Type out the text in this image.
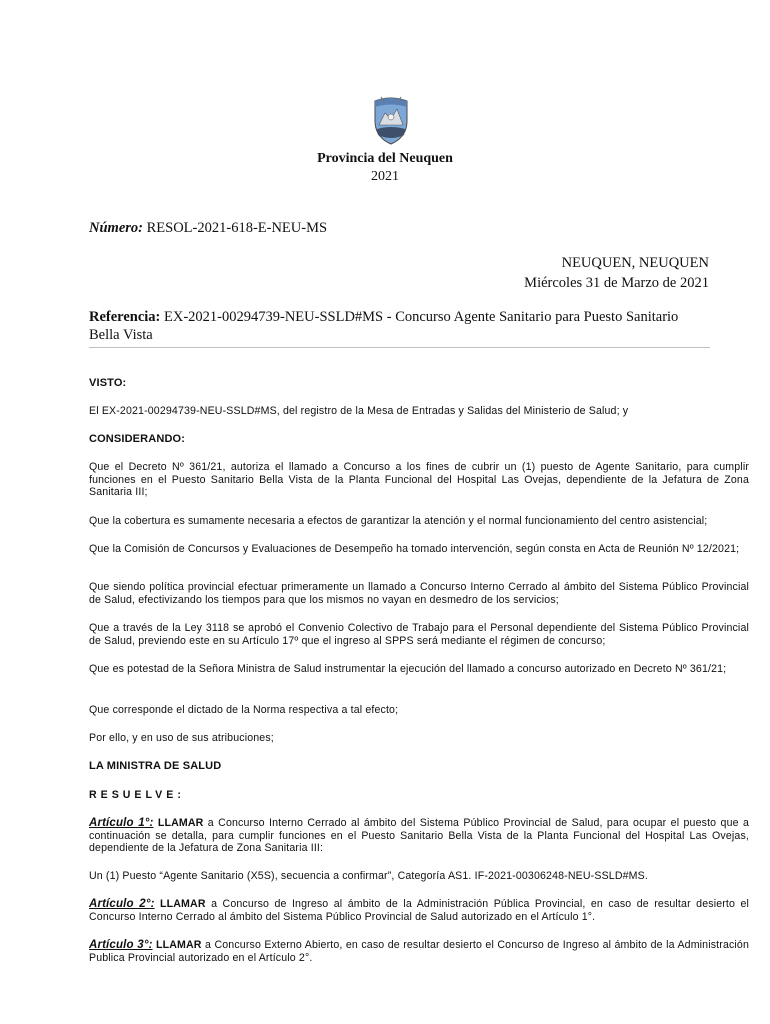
Provincia del Neuquen
2021
Número: RESOL-2021-618-E-NEU-MS
NEUQUEN, NEUQUEN
Miércoles 31 de Marzo de 2021
Referencia: EX-2021-00294739-NEU-SSLD#MS - Concurso Agente Sanitario para Puesto Sanitario Bella Vista
VISTO:
El EX-2021-00294739-NEU-SSLD#MS, del registro de la Mesa de Entradas y Salidas del Ministerio de Salud; y
CONSIDERANDO:
Que el Decreto Nº 361/21, autoriza el llamado a Concurso a los fines de cubrir un (1) puesto de Agente Sanitario, para cumplir funciones en el Puesto Sanitario Bella Vista de la Planta Funcional del Hospital Las Ovejas, dependiente de la Jefatura de Zona Sanitaria III;
Que la cobertura es sumamente necesaria a efectos de garantizar la atención y el normal funcionamiento del centro asistencial;
Que la Comisión de Concursos y Evaluaciones de Desempeño ha tomado intervención, según consta en Acta de Reunión Nº 12/2021;
Que siendo política provincial efectuar primeramente un llamado a Concurso Interno Cerrado al ámbito del Sistema Público Provincial de Salud, efectivizando los tiempos para que los mismos no vayan en desmedro de los servicios;
Que a través de la Ley 3118 se aprobó el Convenio Colectivo de Trabajo para el Personal dependiente del Sistema Público Provincial de Salud, previendo este en su Artículo 17º que el ingreso al SPPS será mediante el régimen de concurso;
Que es potestad de la Señora Ministra de Salud instrumentar la ejecución del llamado a concurso autorizado en Decreto Nº 361/21;
Que corresponde el dictado de la Norma respectiva a tal efecto;
Por ello, y en uso de sus atribuciones;
LA MINISTRA DE SALUD
RESUELVE:
Artículo 1°: LLAMAR a Concurso Interno Cerrado al ámbito del Sistema Público Provincial de Salud, para ocupar el puesto que a continuación se detalla, para cumplir funciones en el Puesto Sanitario Bella Vista de la Planta Funcional del Hospital Las Ovejas, dependiente de la Jefatura de Zona Sanitaria III:
Un (1) Puesto “Agente Sanitario (X5S), secuencia a confirmar”, Categoría AS1. IF-2021-00306248-NEU-SSLD#MS.
Artículo 2°: LLAMAR a Concurso de Ingreso al ámbito de la Administración Pública Provincial, en caso de resultar desierto el Concurso Interno Cerrado al ámbito del Sistema Público Provincial de Salud autorizado en el Artículo 1°.
Artículo 3°: LLAMAR a Concurso Externo Abierto, en caso de resultar desierto el Concurso de Ingreso al ámbito de la Administración Publica Provincial autorizado en el Artículo 2°.
